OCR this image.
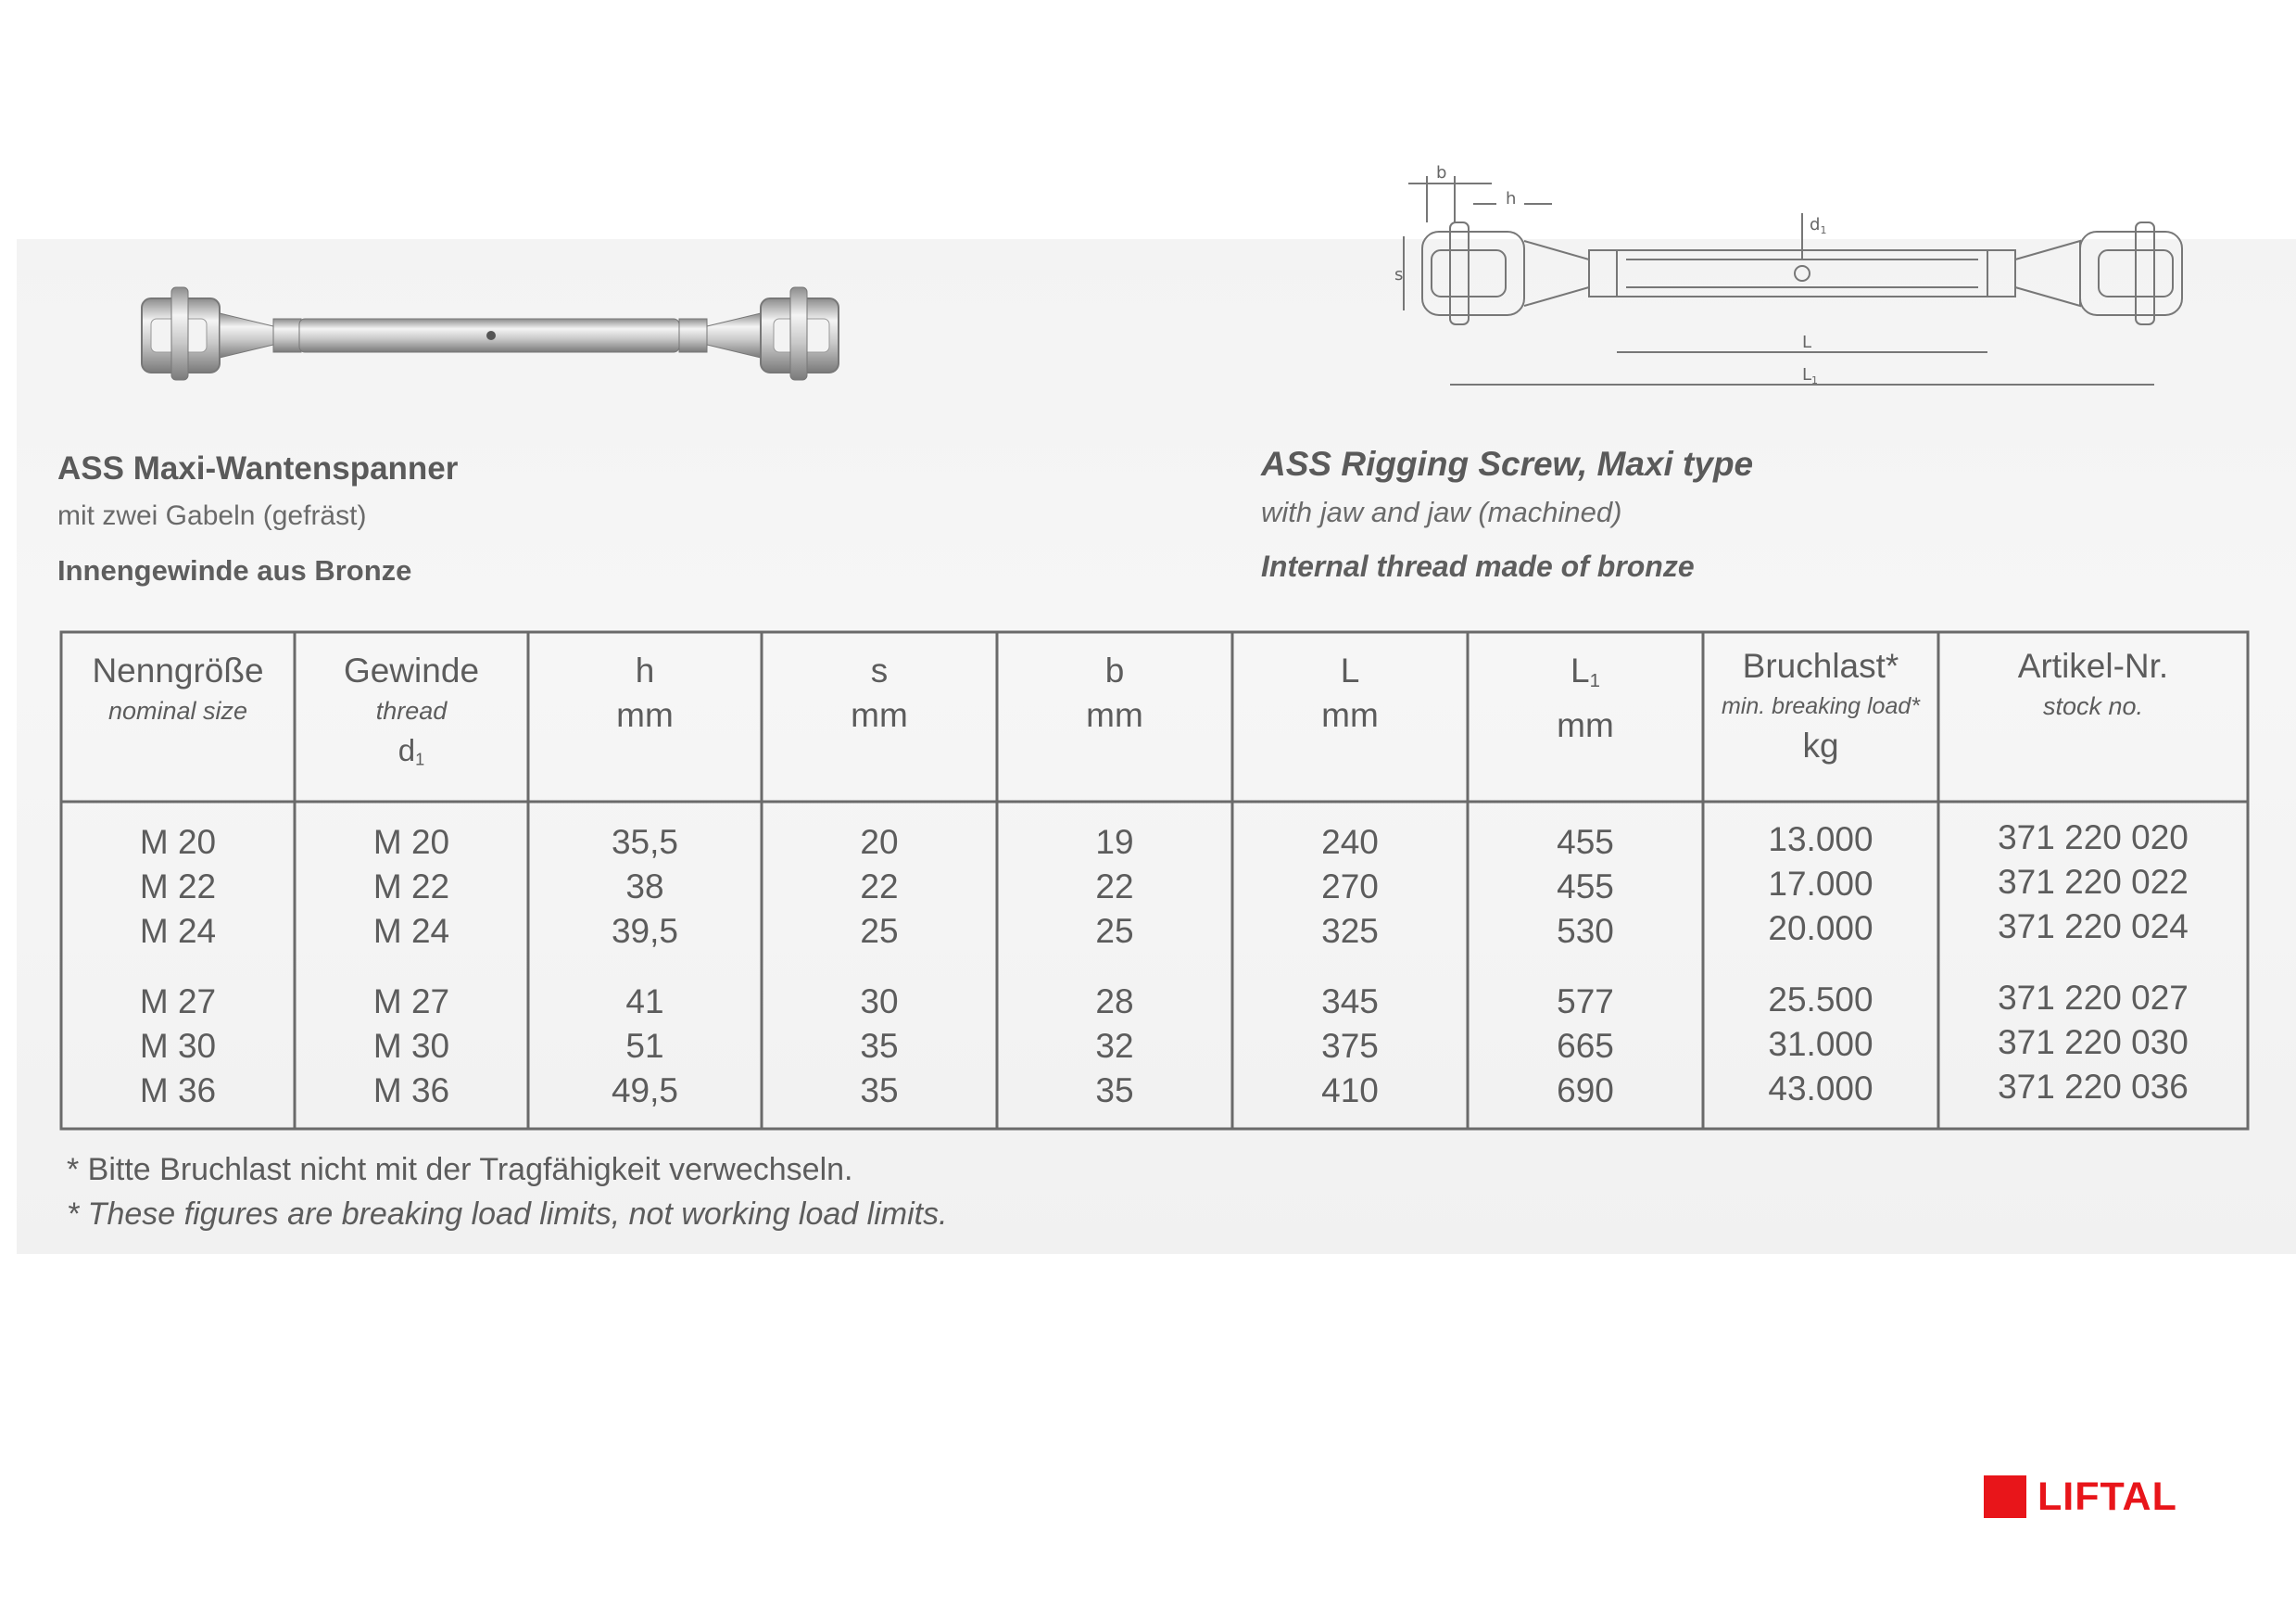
b
h
s
$d_1$
L
$L_1$
ASS Maxi-Wantenspanner
mit zwei Gabeln (gefräst)
Innengewinde aus Bronze
ASS Rigging Screw, Maxi type
with jaw and jaw (machined)
Internal thread made of bronze
Nenngröße
nominal size
Gewinde
thread
d1
h
mm
s
mm
b
mm
L
mm
L1
mm
Bruchlast*
min. breaking load*
kg
Artikel-Nr.
stock no.
M 20
M 22
M 24
M 20
M 22
M 24
35,5
38
39,5
20
22
25
19
22
25
240
270
325
455
455
530
13.000
17.000
20.000
371 220 020
371 220 022
371 220 024
M 27
M 30
M 36
M 27
M 30
M 36
41
51
49,5
30
35
35
28
32
35
345
375
410
577
665
690
25.500
31.000
43.000
371 220 027
371 220 030
371 220 036
* Bitte Bruchlast nicht mit der Tragfähigkeit verwechseln.
* These figures are breaking load limits, not working load limits.
LIFTAL
